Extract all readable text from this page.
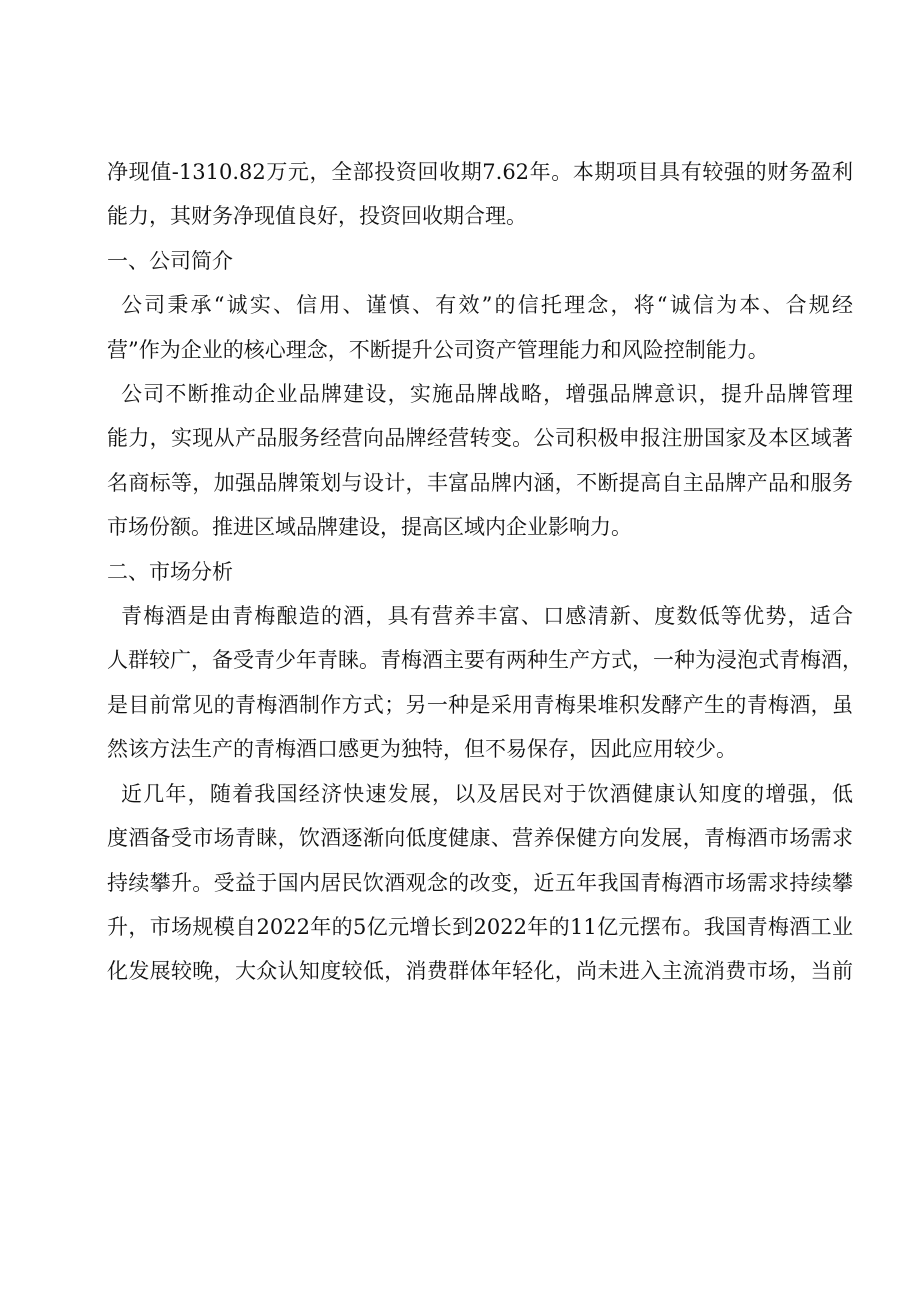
净现值-1310.82万元，全部投资回收期7.62年。本期项目具有较强的财务盈利
能力，其财务净现值良好，投资回收期合理。
一、公司简介
公司秉承“诚实、信用、谨慎、有效”的信托理念，将“诚信为本、合规经
营”作为企业的核心理念，不断提升公司资产管理能力和风险控制能力。
公司不断推动企业品牌建设，实施品牌战略，增强品牌意识，提升品牌管理
能力，实现从产品服务经营向品牌经营转变。公司积极申报注册国家及本区域著
名商标等，加强品牌策划与设计，丰富品牌内涵，不断提高自主品牌产品和服务
市场份额。推进区域品牌建设，提高区域内企业影响力。
二、市场分析
青梅酒是由青梅酿造的酒，具有营养丰富、口感清新、度数低等优势，适合
人群较广，备受青少年青睐。青梅酒主要有两种生产方式，一种为浸泡式青梅酒，
是目前常见的青梅酒制作方式；另一种是采用青梅果堆积发酵产生的青梅酒，虽
然该方法生产的青梅酒口感更为独特，但不易保存，因此应用较少。
近几年，随着我国经济快速发展，以及居民对于饮酒健康认知度的增强，低
度酒备受市场青睐，饮酒逐渐向低度健康、营养保健方向发展，青梅酒市场需求
持续攀升。受益于国内居民饮酒观念的改变，近五年我国青梅酒市场需求持续攀
升，市场规模自2022年的5亿元增长到2022年的11亿元摆布。我国青梅酒工业
化发展较晚，大众认知度较低，消费群体年轻化，尚未进入主流消费市场，当前
